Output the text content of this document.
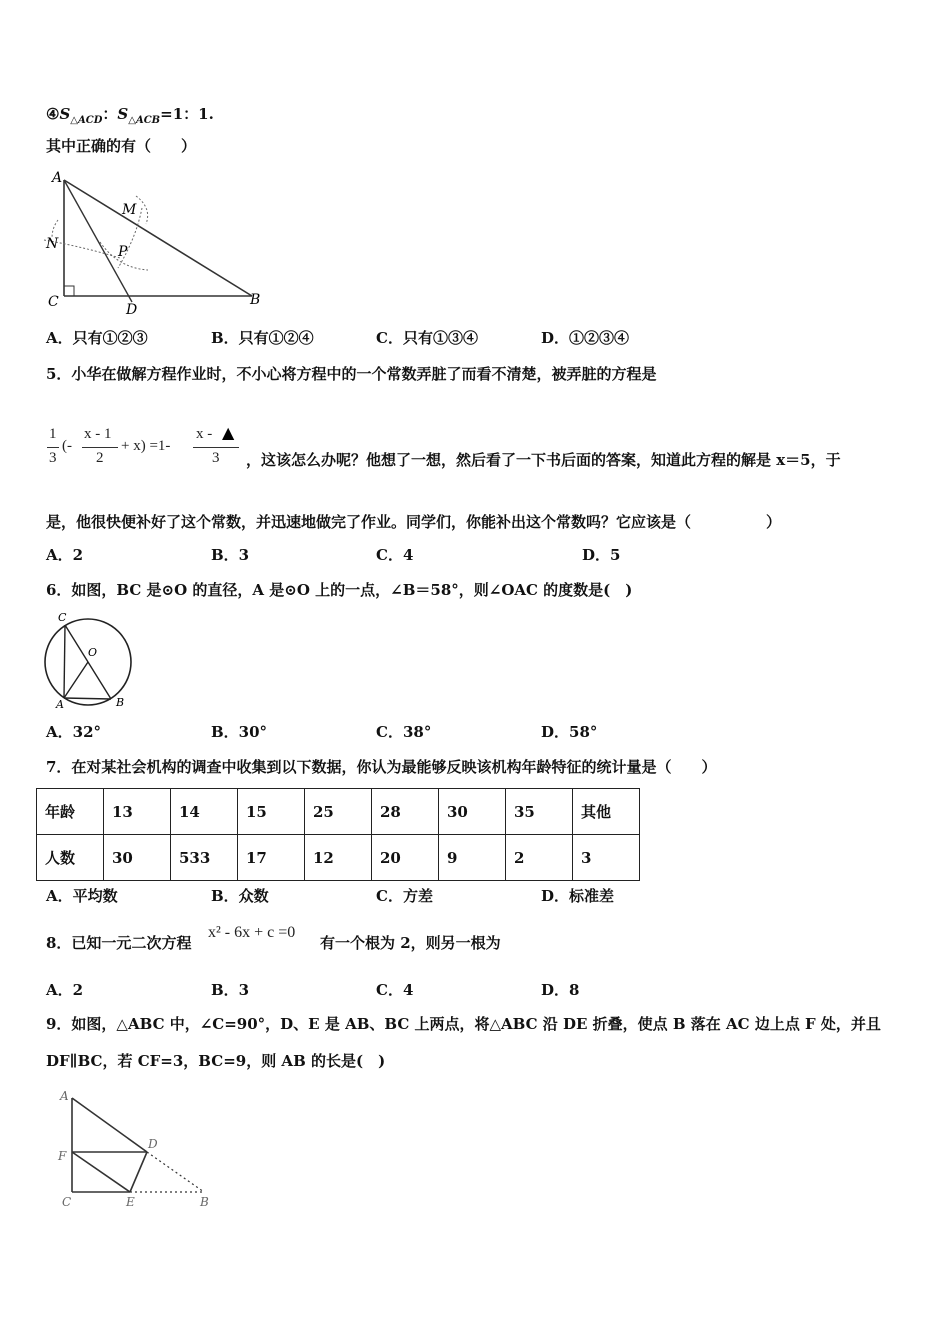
$④S_{\triangle ACD}$：$S_{\triangle ACB}=1$：1.
其中正确的有（　　）
A
M
N	P
C	D
B
A．只有①②③	B．只有①②④	C．只有①③④	D．①②③④
5．小华在做解方程作业时，不小心将方程中的一个常数弄脏了而看不清楚，被弄脏的方程是
1
3
(-
x - 1
2
+ x) =1-
x - ▲
3 ，这该怎么办呢？他想了一想，然后看了一下书后面的答案，知道此方程的解是 x＝5，于
是，他很快便补好了这个常数，并迅速地做完了作业。同学们，你能补出这个常数吗？它应该是（　　　　　）
A．2	B．3	C．4	D．5
6．如图，BC 是⊙O 的直径，A 是⊙O 上的一点，∠B＝58°，则∠OAC 的度数是(　)
C
O
A	B
A．32°	B．30°	C．38°	D．58°
7．在对某社会机构的调查中收集到以下数据，你认为最能够反映该机构年龄特征的统计量是（　　）
年龄	13	14	15	25	28	30	35	其他
人数	30	533	17	12	20	9	2	3
A．平均数	B．众数	C．方差	D．标准差
8．已知一元二次方程
x² - 6x + c =0
有一个根为 2，则另一根为
A．2	B．3	C．4	D．8
9．如图，△ABC 中，∠C=90°，D、E 是 AB、BC 上两点，将△ABC 沿 DE 折叠，使点 B 落在 AC 边上点 F 处，并且
DF∥BC，若 CF=3，BC=9，则 AB 的长是(　)
A
D
F
C	E	B
